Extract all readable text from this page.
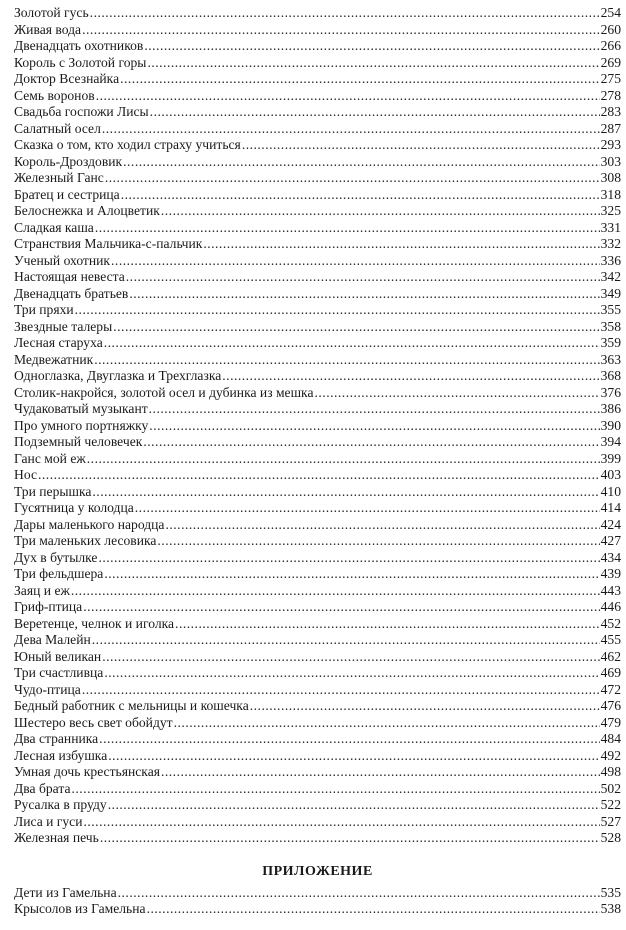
Золотой гусь .....	254
Живая вода .....	260
Двенадцать охотников .....	266
Король с Золотой горы .....	269
Доктор Всезнайка .....	275
Семь воронов .....	278
Свадьба госпожи Лисы .....	283
Салатный осел .....	287
Сказка о том, кто ходил страху учиться .....	293
Король-Дроздовик .....	303
Железный Ганс .....	308
Братец и сестрица .....	318
Белоснежка и Алоцветик .....	325
Сладкая каша .....	331
Странствия Мальчика-с-пальчик .....	332
Ученый охотник .....	336
Настоящая невеста .....	342
Двенадцать братьев .....	349
Три пряхи .....	355
Звездные талеры .....	358
Лесная старуха .....	359
Медвежатник .....	363
Одноглазка, Двуглазка и Трехглазка .....	368
Столик-накройся, золотой осел и дубинка из мешка .....	376
Чудаковатый музыкант .....	386
Про умного портняжку .....	390
Подземный человечек .....	394
Ганс мой еж .....	399
Нос .....	403
Три перышка .....	410
Гусятница у колодца .....	414
Дары маленького народца .....	424
Три маленьких лесовика .....	427
Дух в бутылке .....	434
Три фельдшера .....	439
Заяц и еж .....	443
Гриф-птица .....	446
Веретенце, челнок и иголка .....	452
Дева Малейн .....	455
Юный великан .....	462
Три счастливца .....	469
Чудо-птица .....	472
Бедный работник с мельницы и кошечка .....	476
Шестеро весь свет обойдут .....	479
Два странника .....	484
Лесная избушка .....	492
Умная дочь крестьянская .....	498
Два брата .....	502
Русалка в пруду .....	522
Лиса и гуси .....	527
Железная печь .....	528
ПРИЛОЖЕНИЕ
Дети из Гамельна .....	535
Крысолов из Гамельна .....	538
